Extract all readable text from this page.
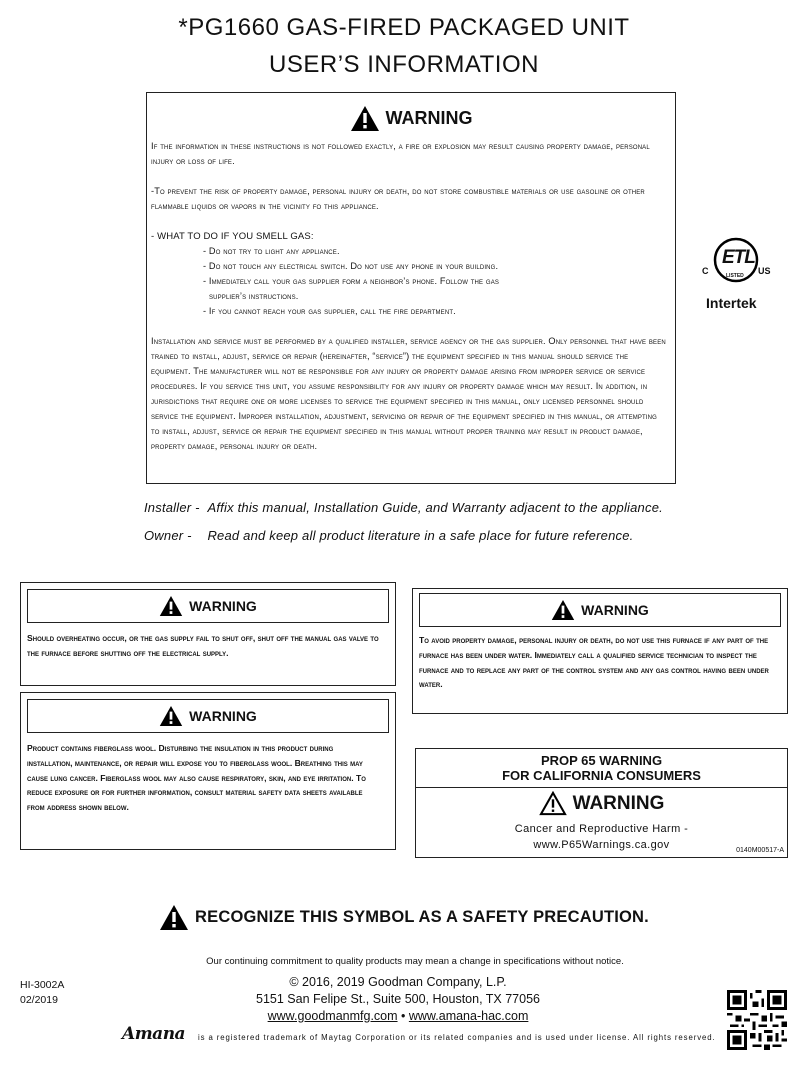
*PG1660 GAS-FIRED PACKAGED UNIT
USER’S INFORMATION
WARNING

If the information in these instructions is not followed exactly, a fire or explosion may result causing property damage, personal injury or loss of life.

-To prevent the risk of property damage, personal injury or death, do not store combustible materials or use gasoline or other flammable liquids or vapors in the vicinity fo this appliance.

- WHAT TO DO IF YOU SMELL GAS:

- Do not try to light any appliance.

- Do not touch any electrical switch. Do not use any phone in your building.

- Immediately call your gas supplier form a neighbor’s phone. Follow the gas

supplier’s instructions.

- If you cannot reach your gas supplier, call the fire department.

Installation and service must be performed by a qualified installer, service agency or the gas supplier. Only personnel that have been trained to install, adjust, service or repair (hereinafter, “service”) the equipment specified in this manual should service the equipment. The manufacturer will not be responsible for any injury or property damage arising from improper service or service procedures. If you service this unit, you assume responsibility for any injury or property damage which may result. In addition, in jurisdictions that require one or more licenses to service the equipment specified in this manual, only licensed personnel should service the equipment. Improper installation, adjustment, servicing or repair of the equipment specified in this manual, or attempting to install, adjust, service or repair the equipment specified in this manual without proper training may result in product damage, property damage, personal injury or death.

C
ETL
US
LISTED
Intertek
Installer - Affix this manual, Installation Guide, and Warranty adjacent to the appliance.
Owner - Read and keep all product literature in a safe place for future reference.
WARNING
Should overheating occur, or the gas supply fail to shut off, shut off the manual gas valve to the furnace before shutting off the electrical supply.
WARNING
Product contains fiberglass wool. Disturbing the insulation in this product during installation, maintenance, or repair will expose you to fiberglass wool. Breathing this may cause lung cancer. Fiberglass wool may also cause respiratory, skin, and eye irritation. To reduce exposure or for further information, consult material safety data sheets available from address shown below.
WARNING
To avoid property damage, personal injury or death, do not use this furnace if any part of the furnace has been under water. Immediately call a qualified service technician to inspect the furnace and to replace any part of the control system and any gas control having been under water.
PROP 65 WARNING
FOR CALIFORNIA CONSUMERS
WARNING
Cancer and Reproductive Harm -
www.P65Warnings.ca.gov	0140M00517-A
RECOGNIZE THIS SYMBOL AS A SAFETY PRECAUTION.
Our continuing commitment to quality products may mean a change in specifications without notice.
HI-3002A
02/2019
© 2016, 2019 Goodman Company, L.P.
5151 San Felipe St., Suite 500, Houston, TX 77056
www.goodmanmfg.com • www.amana-hac.com
Amana is a registered trademark of Maytag Corporation or its related companies and is used under license. All rights reserved.
